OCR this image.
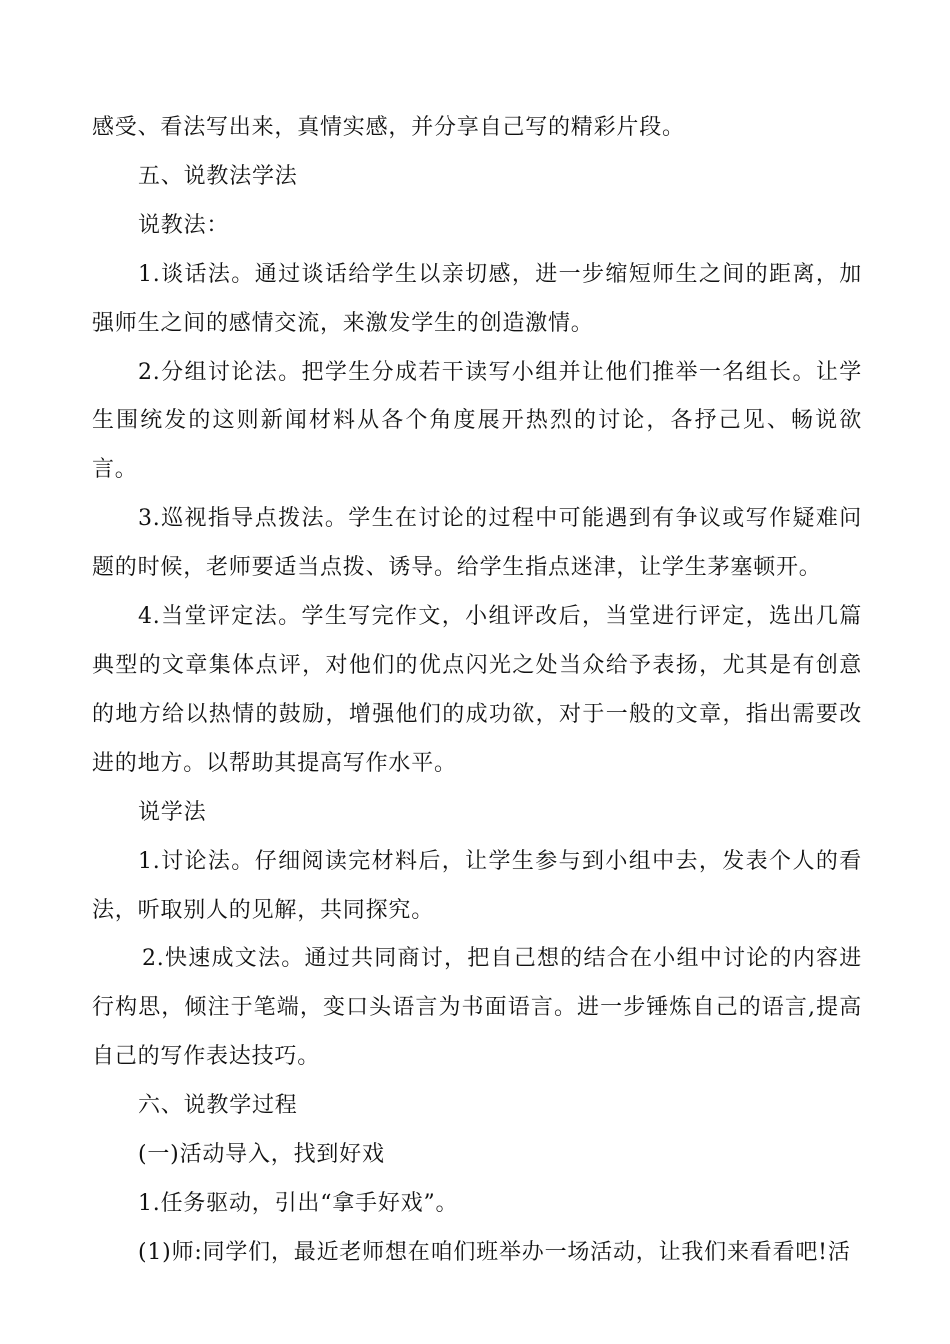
感受、看法写出来，真情实感，并分享自己写的精彩片段。

五、说教法学法

说教法：

1.谈话法。通过谈话给学生以亲切感，进一步缩短师生之间的距离，加强师生之间的感情交流，来激发学生的创造激情。

2.分组讨论法。把学生分成若干读写小组并让他们推举一名组长。让学生围统发的这则新闻材料从各个角度展开热烈的讨论，各抒己见、畅说欲言。

3.巡视指导点拨法。学生在讨论的过程中可能遇到有争议或写作疑难问题的时候，老师要适当点拨、诱导。给学生指点迷津，让学生茅塞顿开。

4.当堂评定法。学生写完作文，小组评改后，当堂进行评定，选出几篇典型的文章集体点评，对他们的优点闪光之处当众给予表扬，尤其是有创意的地方给以热情的鼓励，增强他们的成功欲，对于一般的文章，指出需要改进的地方。以帮助其提高写作水平。

说学法

1.讨论法。仔细阅读完材料后，让学生参与到小组中去，发表个人的看法，听取别人的见解，共同探究。

2.快速成文法。通过共同商讨，把自己想的结合在小组中讨论的内容进行构思，倾注于笔端，变口头语言为书面语言。进一步锤炼自己的语言,提高自己的写作表达技巧。

六、说教学过程

(一)活动导入，找到好戏

1.任务驱动，引出“拿手好戏”。

(1)师:同学们，最近老师想在咱们班举办一场活动，让我们来看看吧!活
